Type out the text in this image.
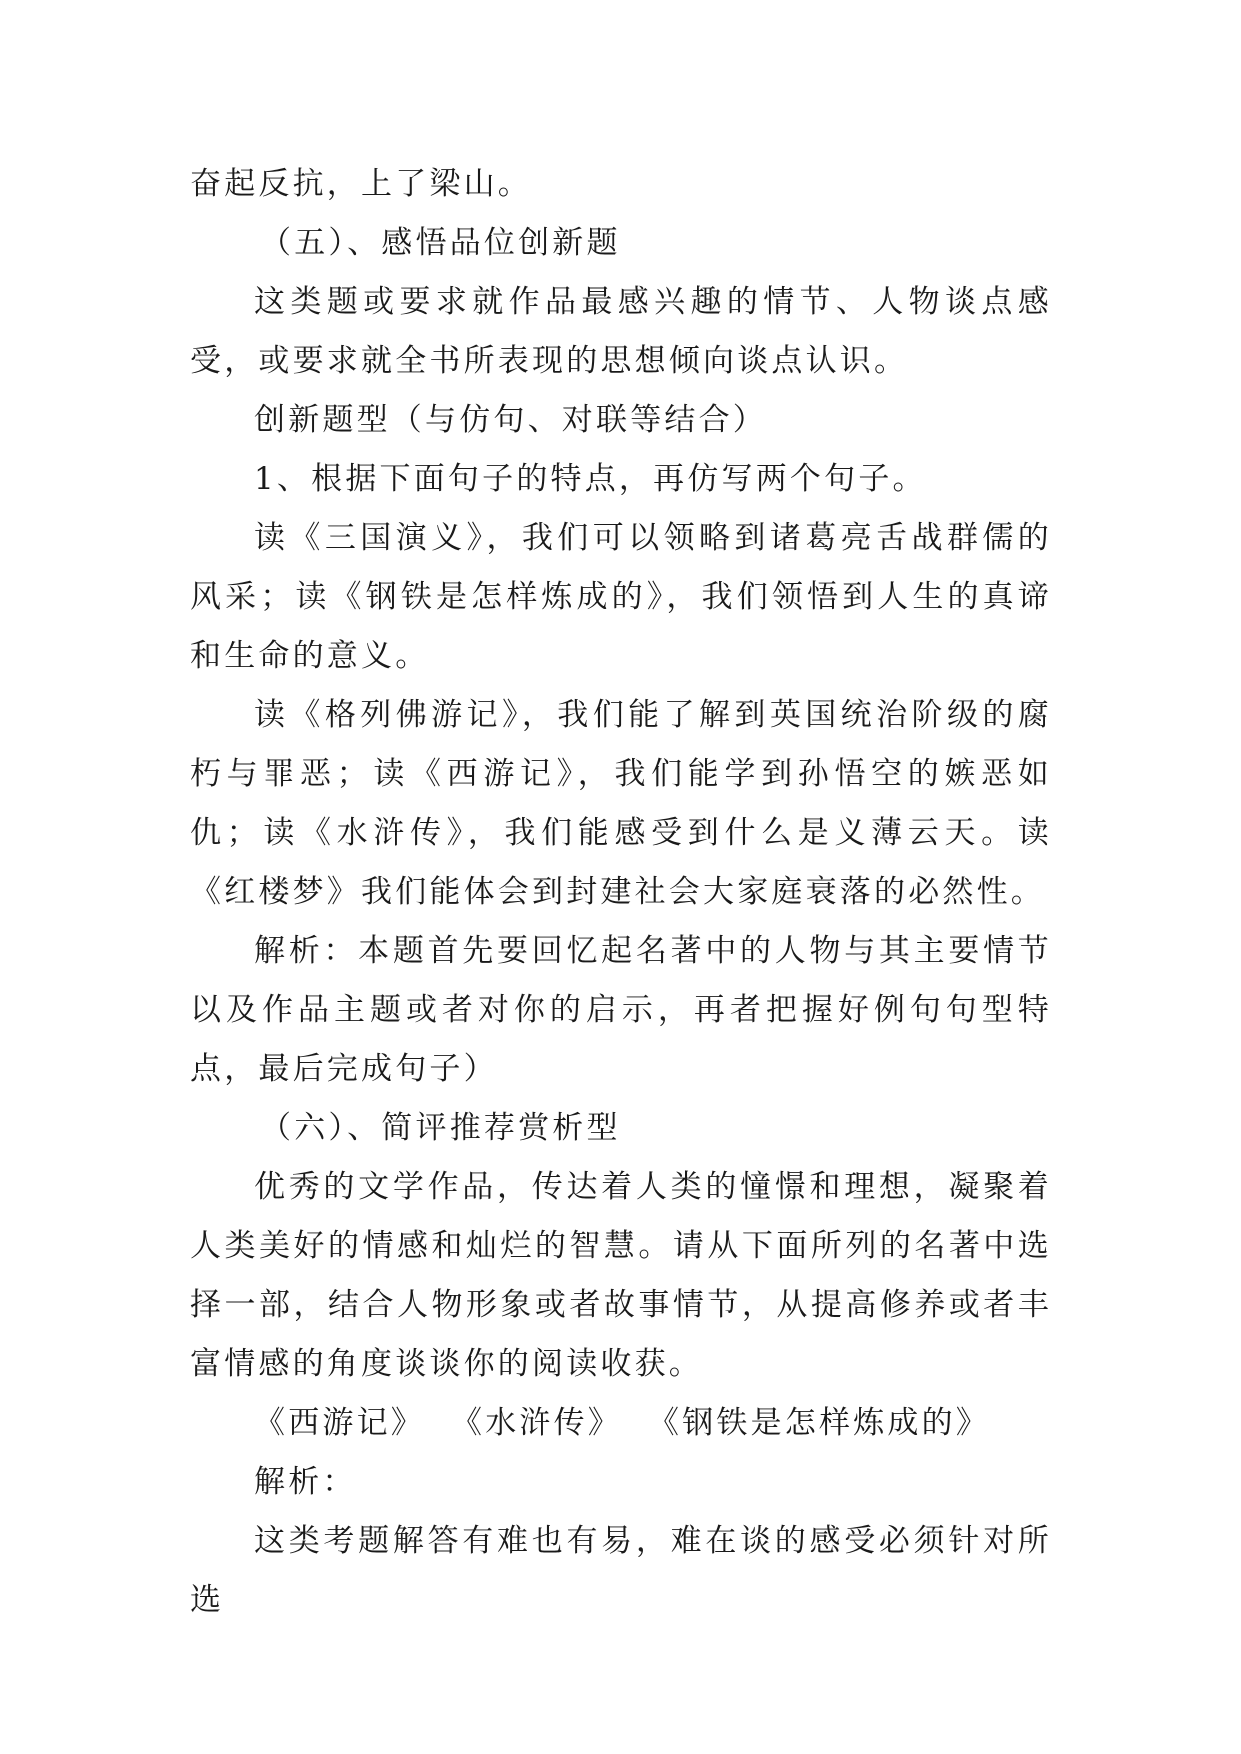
奋起反抗，上了梁山。

（五）、感悟品位创新题

这类题或要求就作品最感兴趣的情节、人物谈点感受，或要求就全书所表现的思想倾向谈点认识。

创新题型（与仿句、对联等结合）

1、根据下面句子的特点，再仿写两个句子。

读《三国演义》，我们可以领略到诸葛亮舌战群儒的风采；读《钢铁是怎样炼成的》，我们领悟到人生的真谛和生命的意义。

读《格列佛游记》，我们能了解到英国统治阶级的腐朽与罪恶；读《西游记》，我们能学到孙悟空的嫉恶如仇；读《水浒传》，我们能感受到什么是义薄云天。读《红楼梦》我们能体会到封建社会大家庭衰落的必然性。

解析：本题首先要回忆起名著中的人物与其主要情节以及作品主题或者对你的启示，再者把握好例句句型特点，最后完成句子）

（六）、简评推荐赏析型

优秀的文学作品，传达着人类的憧憬和理想，凝聚着人类美好的情感和灿烂的智慧。请从下面所列的名著中选择一部，结合人物形象或者故事情节，从提高修养或者丰富情感的角度谈谈你的阅读收获。

《西游记》 《水浒传》 《钢铁是怎样炼成的》

解析：

这类考题解答有难也有易，难在谈的感受必须针对所选
